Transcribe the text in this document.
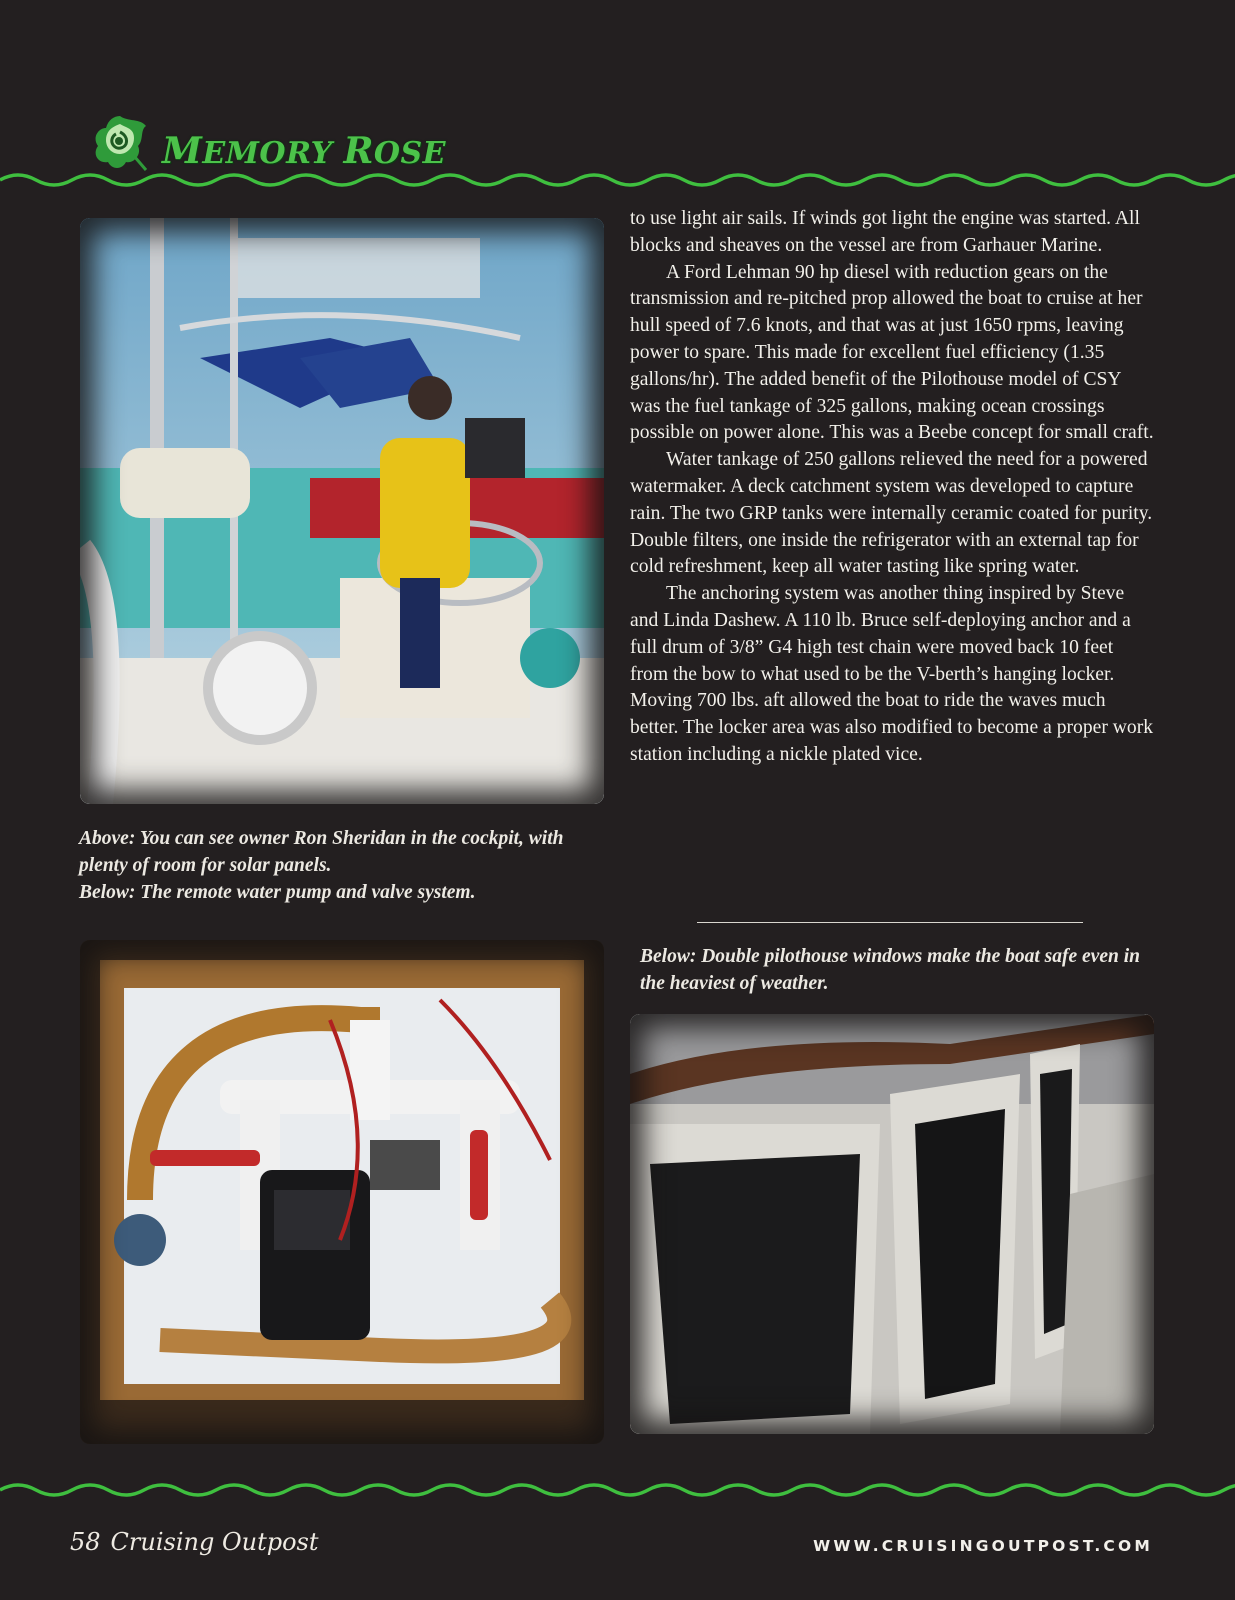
MEMORY ROSE

Above: You can see owner Ron Sheridan in the cockpit, with plenty of room for solar panels.

Below: The remote water pump and valve system.

to use light air sails. If winds got light the engine was started. All blocks and sheaves on the vessel are from Garhauer Marine.

A Ford Lehman 90 hp diesel with reduction gears on the transmission and re-pitched prop allowed the boat to cruise at her hull speed of 7.6 knots, and that was at just 1650 rpms, leaving power to spare. This made for excellent fuel efficiency (1.35 gallons/hr). The added benefit of the Pilothouse model of CSY was the fuel tankage of 325 gallons, making ocean crossings possible on power alone. This was a Beebe concept for small craft.

Water tankage of 250 gallons relieved the need for a powered watermaker. A deck catchment system was developed to capture rain. The two GRP tanks were internally ceramic coated for purity. Double filters, one inside the refrigerator with an external tap for cold refreshment, keep all water tasting like spring water.

The anchoring system was another thing inspired by Steve and Linda Dashew. A 110 lb. Bruce self-deploying anchor and a full drum of 3/8” G4 high test chain were moved back 10 feet from the bow to what used to be the V-berth’s hanging locker. Moving 700 lbs. aft allowed the boat to ride the waves much better. The locker area was also modified to become a proper work station including a nickle plated vice.

Below: Double pilothouse windows make the boat safe even in the heaviest of weather.
58 Cruising Outpost	WWW.CRUISINGOUTPOST.COM
